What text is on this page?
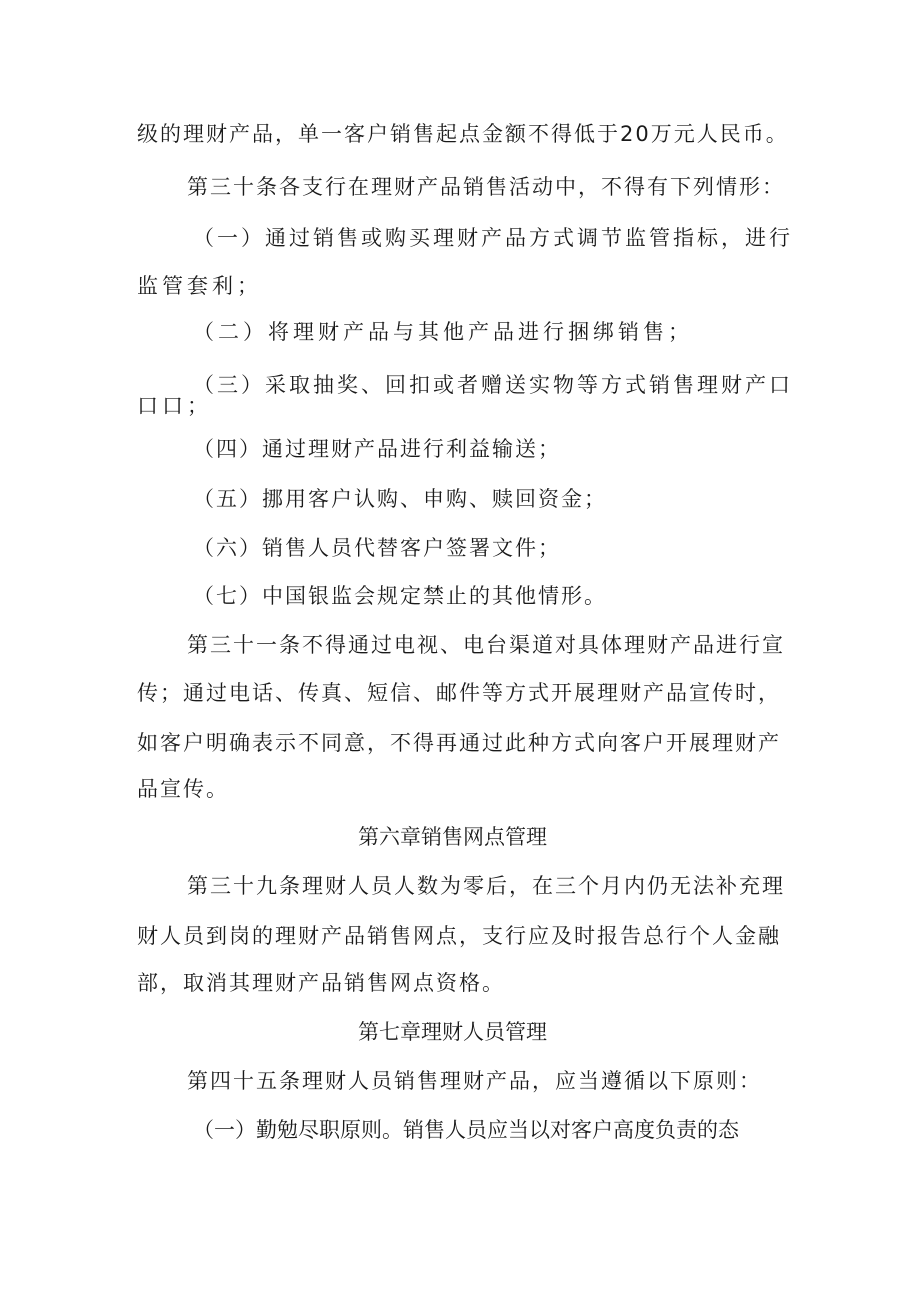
级的理财产品，单一客户销售起点金额不得低于20万元人民币。
第三十条各支行在理财产品销售活动中，不得有下列情形：
（一）通过销售或购买理财产品方式调节监管指标，进行
监管套利；
（二）将理财产品与其他产品进行捆绑销售；
（三）采取抽奖、回扣或者赠送实物等方式销售理财产口
口口；
（四）通过理财产品进行利益输送；
（五）挪用客户认购、申购、赎回资金；
（六）销售人员代替客户签署文件；
（七）中国银监会规定禁止的其他情形。
第三十一条不得通过电视、电台渠道对具体理财产品进行宣
传；通过电话、传真、短信、邮件等方式开展理财产品宣传时，
如客户明确表示不同意，不得再通过此种方式向客户开展理财产
品宣传。
第六章销售网点管理
第三十九条理财人员人数为零后，在三个月内仍无法补充理
财人员到岗的理财产品销售网点，支行应及时报告总行个人金融
部，取消其理财产品销售网点资格。
第七章理财人员管理
第四十五条理财人员销售理财产品，应当遵循以下原则：
（一）勤勉尽职原则。销售人员应当以对客户高度负责的态
